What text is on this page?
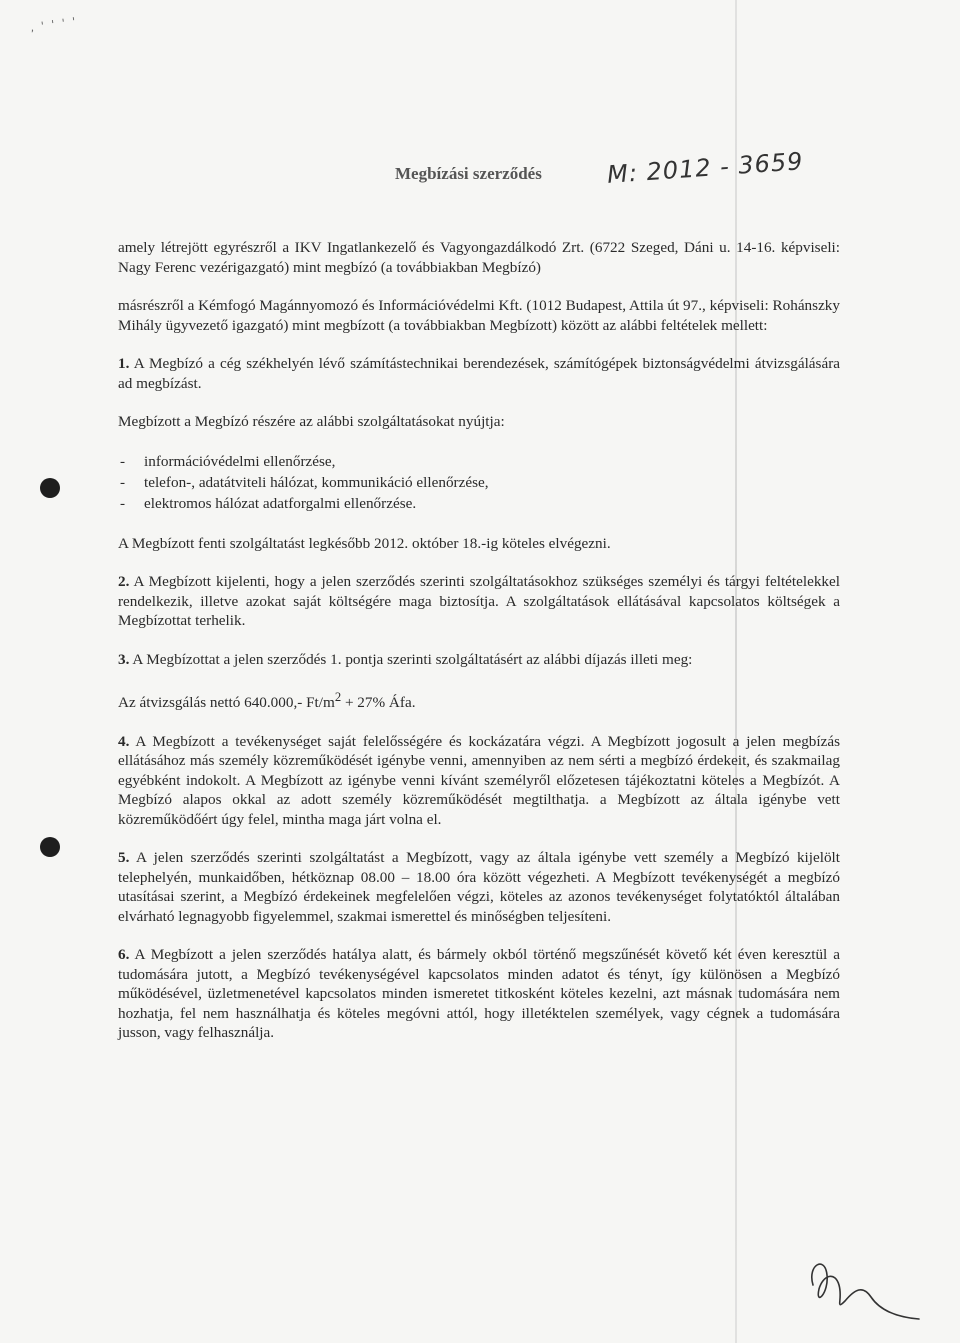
, ' ' ' '
Megbízási szerződés	M: 2012 - 3659

amely létrejött egyrészről a IKV Ingatlankezelő és Vagyongazdálkodó Zrt. (6722 Szeged, Dáni u. 14-16. képviseli: Nagy Ferenc vezérigazgató) mint megbízó (a továbbiakban Megbízó)

másrészről a Kémfogó Magánnyomozó és Információvédelmi Kft. (1012 Budapest, Attila út 97., képviseli: Rohánszky Mihály ügyvezető igazgató) mint megbízott (a továbbiakban Megbízott) között az alábbi feltételek mellett:

1. A Megbízó a cég székhelyén lévő számítástechnikai berendezések, számítógépek biztonságvédelmi átvizsgálására ad megbízást.

Megbízott a Megbízó részére az alábbi szolgáltatásokat nyújtja:

- információvédelmi ellenőrzése,
- telefon-, adatátviteli hálózat, kommunikáció ellenőrzése,
- elektromos hálózat adatforgalmi ellenőrzése.

A Megbízott fenti szolgáltatást legkésőbb 2012. október 18.-ig köteles elvégezni.

2. A Megbízott kijelenti, hogy a jelen szerződés szerinti szolgáltatásokhoz szükséges személyi és tárgyi feltételekkel rendelkezik, illetve azokat saját költségére maga biztosítja. A szolgáltatások ellátásával kapcsolatos költségek a Megbízottat terhelik.

3. A Megbízottat a jelen szerződés 1. pontja szerinti szolgáltatásért az alábbi díjazás illeti meg:

Az átvizsgálás nettó 640.000,- $Ft/m^2 + 27\%$ Áfa.

4. A Megbízott a tevékenységet saját felelősségére és kockázatára végzi. A Megbízott jogosult a jelen megbízás ellátásához más személy közreműködését igénybe venni, amennyiben az nem sérti a megbízó érdekeit, és szakmailag egyébként indokolt. A Megbízott az igénybe venni kívánt személyről előzetesen tájékoztatni köteles a Megbízót. A Megbízó alapos okkal az adott személy közreműködését megtilthatja. a Megbízott az általa igénybe vett közreműködőért úgy felel, mintha maga járt volna el.

5. A jelen szerződés szerinti szolgáltatást a Megbízott, vagy az általa igénybe vett személy a Megbízó kijelölt telephelyén, munkaidőben, hétköznap 08.00 – 18.00 óra között végezheti. A Megbízott tevékenységét a megbízó utasításai szerint, a Megbízó érdekeinek megfelelően végzi, köteles az azonos tevékenységet folytatóktól általában elvárható legnagyobb figyelemmel, szakmai ismerettel és minőségben teljesíteni.

6. A Megbízott a jelen szerződés hatálya alatt, és bármely okból történő megszűnését követő két éven keresztül a tudomására jutott, a Megbízó tevékenységével kapcsolatos minden adatot és tényt, így különösen a Megbízó működésével, üzletmenetével kapcsolatos minden ismeretet titkosként köteles kezelni, azt másnak tudomására nem hozhatja, fel nem használhatja és köteles megóvni attól, hogy illetéktelen személyek, vagy cégnek a tudomására jusson, vagy felhasználja.
